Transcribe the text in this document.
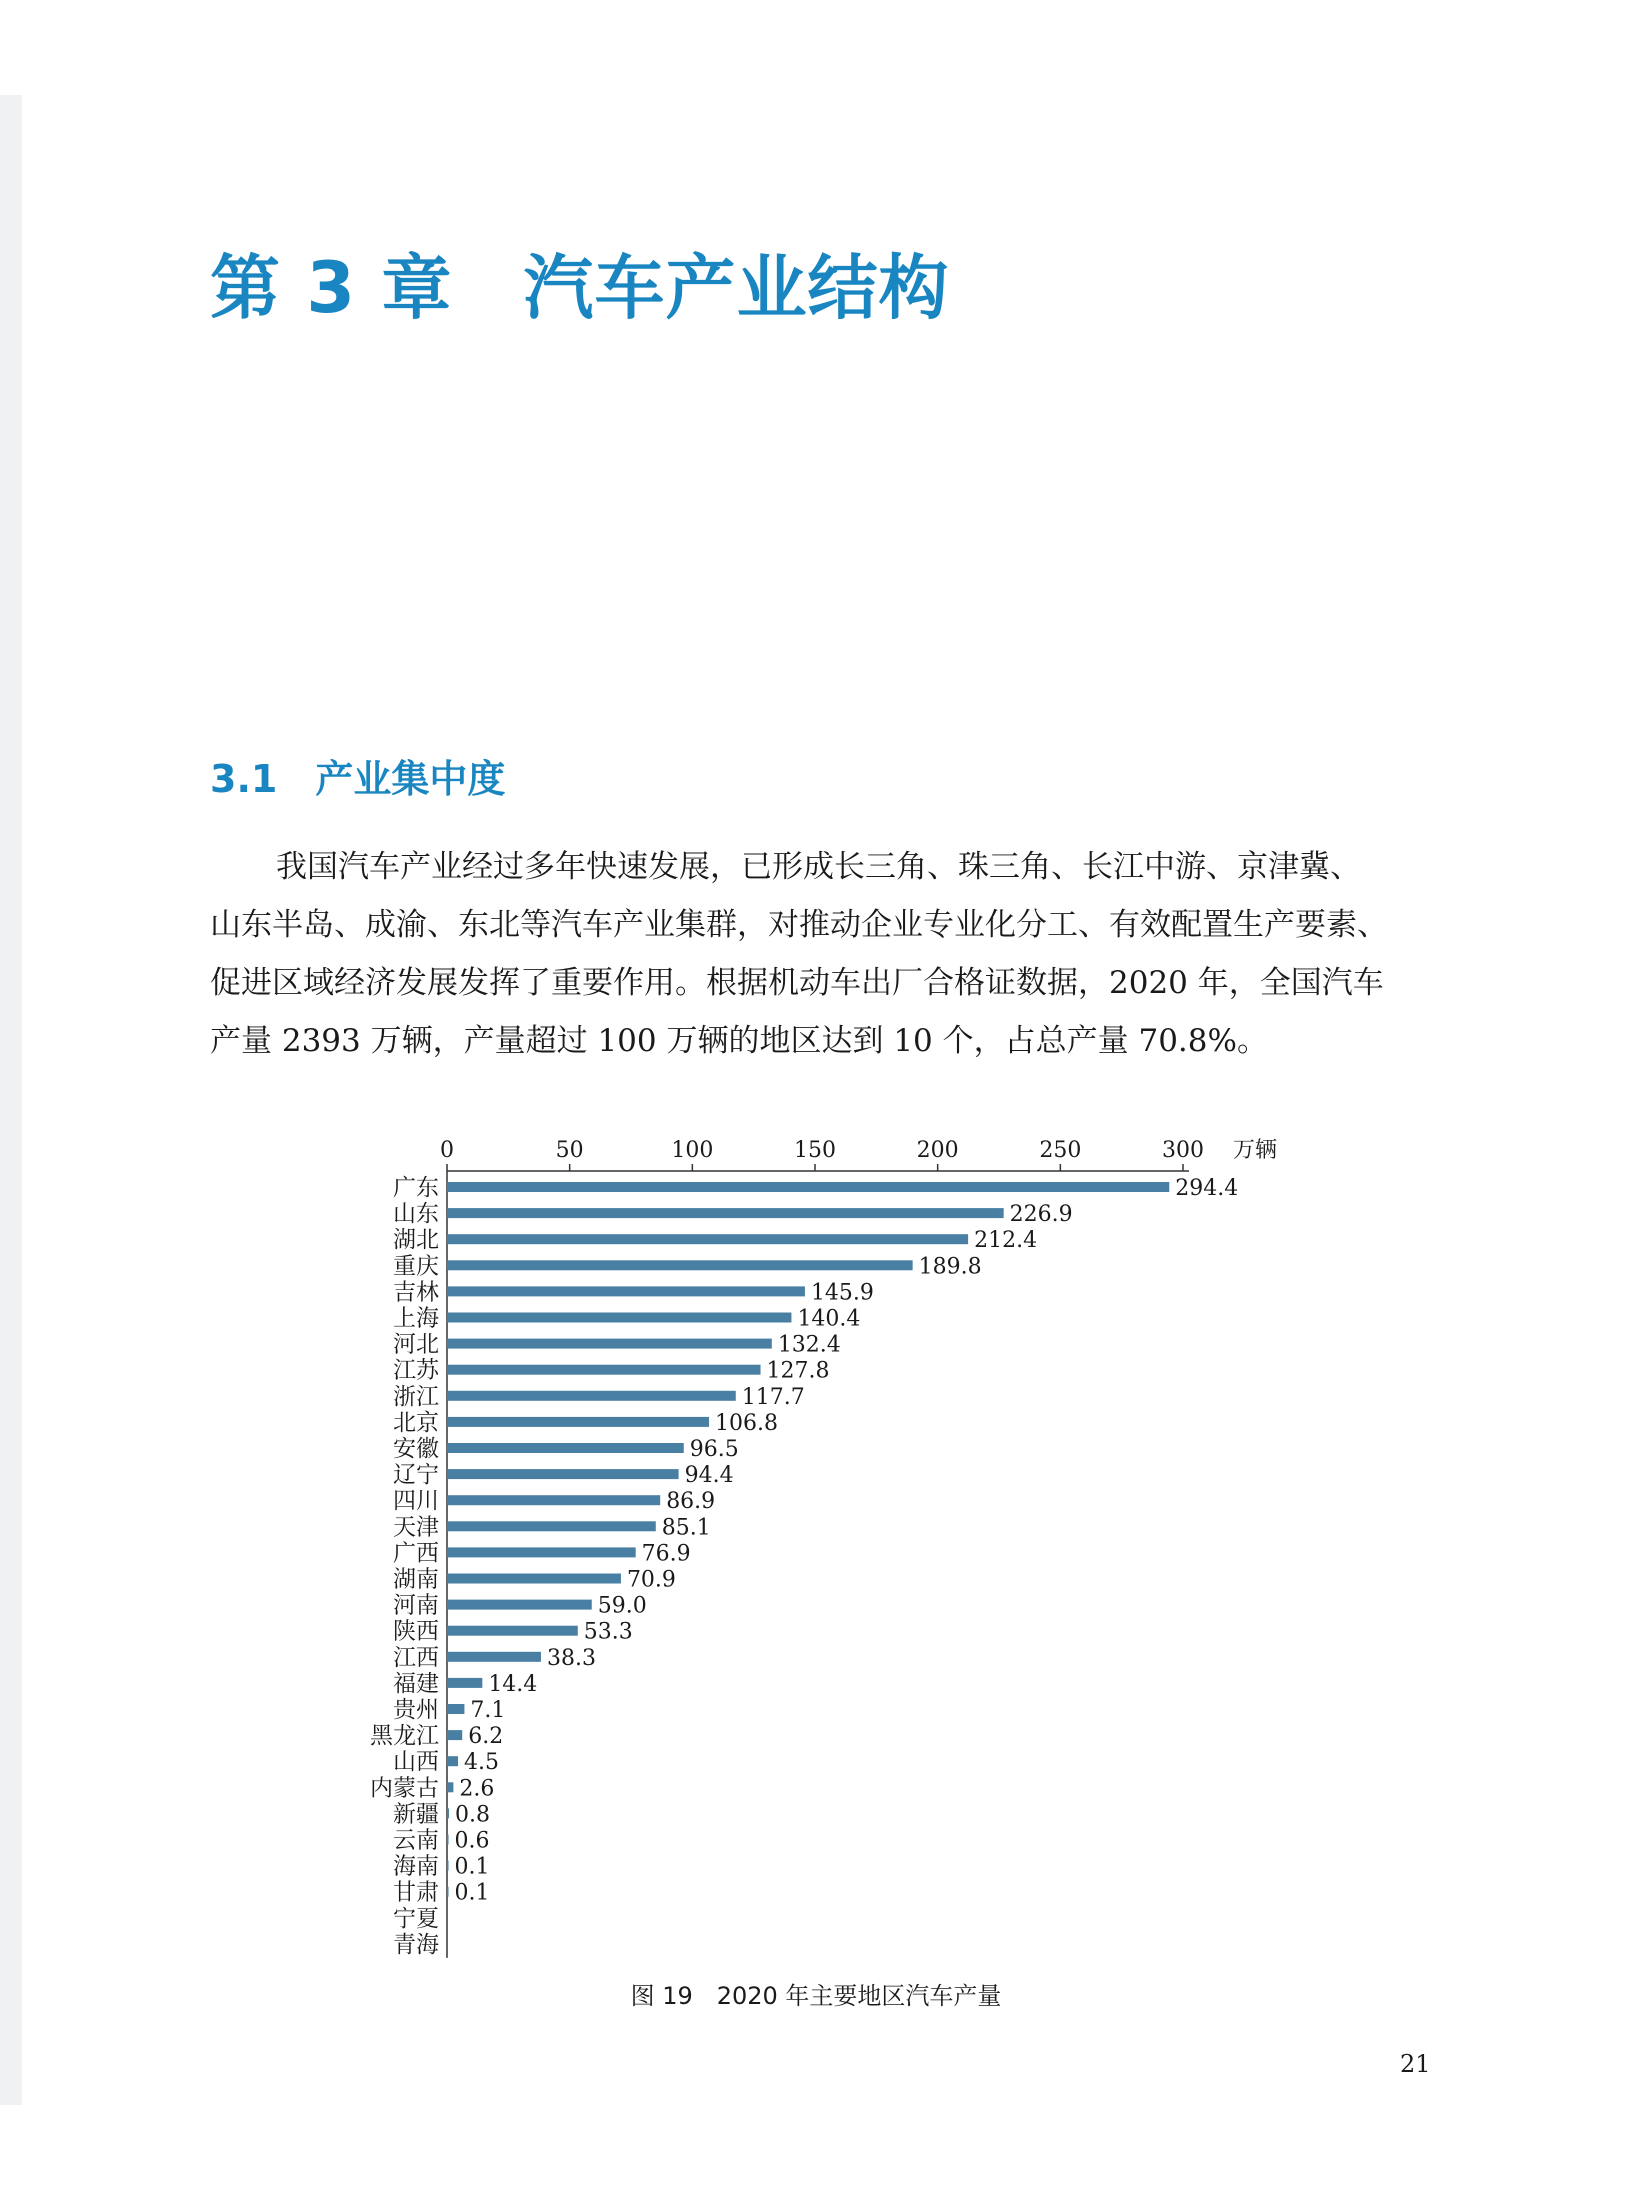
第 3 章　汽车产业结构
3.1　产业集中度
我国汽车产业经过多年快速发展，已形成长三角、珠三角、长江中游、京津冀、
山东半岛、成渝、东北等汽车产业集群，对推动企业专业化分工、有效配置生产要素、
促进区域经济发展发挥了重要作用。根据机动车出厂合格证数据，2020 年，全国汽车
产量 2393 万辆，产量超过 100 万辆的地区达到 10 个，占总产量 70.8%。
0	50	100	150	200	250	300 万辆
广东	294.4
山东	226.9
湖北	212.4
重庆	189.8
吉林	145.9
上海	140.4
河北	132.4
江苏	127.8
浙江	117.7
北京	106.8
安徽	96.5
辽宁	94.4
四川	86.9
天津	85.1
广西	76.9
湖南	70.9
河南	59.0
陕西	53.3
江西	38.3
福建 14.4
贵州 7.1
黑龙江 6.2
山西 4.5
内蒙古 2.6
新疆 0.8
云南 0.6
海南 0.1
甘肃 0.1
宁夏
青海
图 19　2020 年主要地区汽车产量
21
